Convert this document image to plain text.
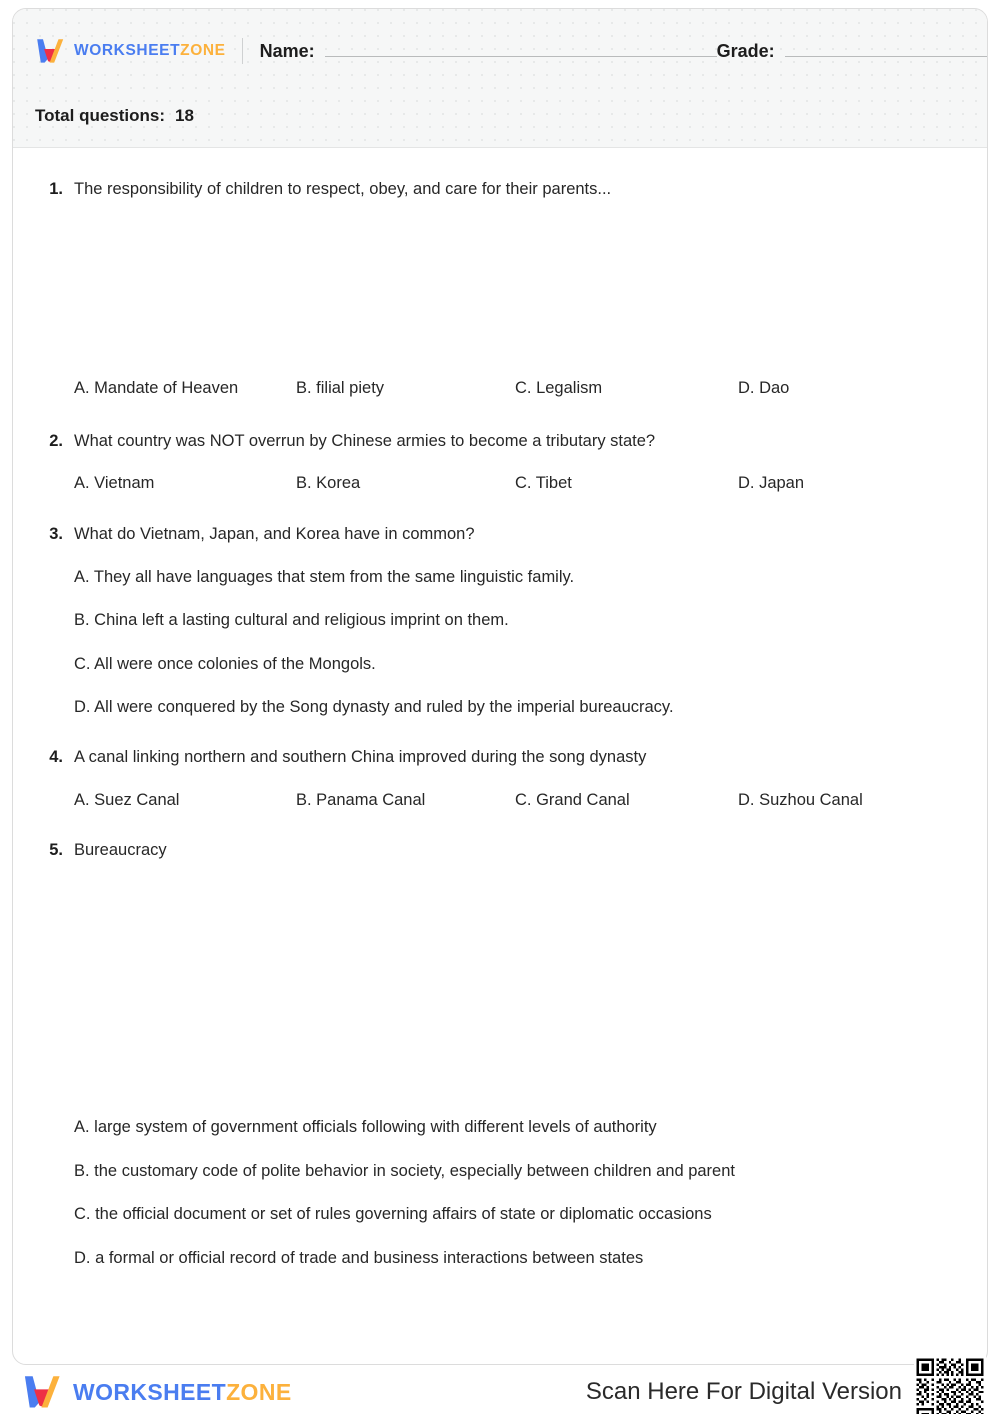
WORKSHEETZONE Name:	Grade:
Total questions: 18
1. The responsibility of children to respect, obey, and care for their parents...
A. Mandate of Heaven	B. filial piety	C. Legalism	D. Dao
2. What country was NOT overrun by Chinese armies to become a tributary state?
A. Vietnam	B. Korea	C. Tibet	D. Japan
3. What do Vietnam, Japan, and Korea have in common?
A. They all have languages that stem from the same linguistic family.
B. China left a lasting cultural and religious imprint on them.
C. All were once colonies of the Mongols.
D. All were conquered by the Song dynasty and ruled by the imperial bureaucracy.
4. A canal linking northern and southern China improved during the song dynasty
A. Suez Canal	B. Panama Canal	C. Grand Canal	D. Suzhou Canal
5. Bureaucracy
A. large system of government officials following with different levels of authority
B. the customary code of polite behavior in society, especially between children and parent
C. the official document or set of rules governing affairs of state or diplomatic occasions
D. a formal or official record of trade and business interactions between states
WORKSHEETZONE	Scan Here For Digital Version
